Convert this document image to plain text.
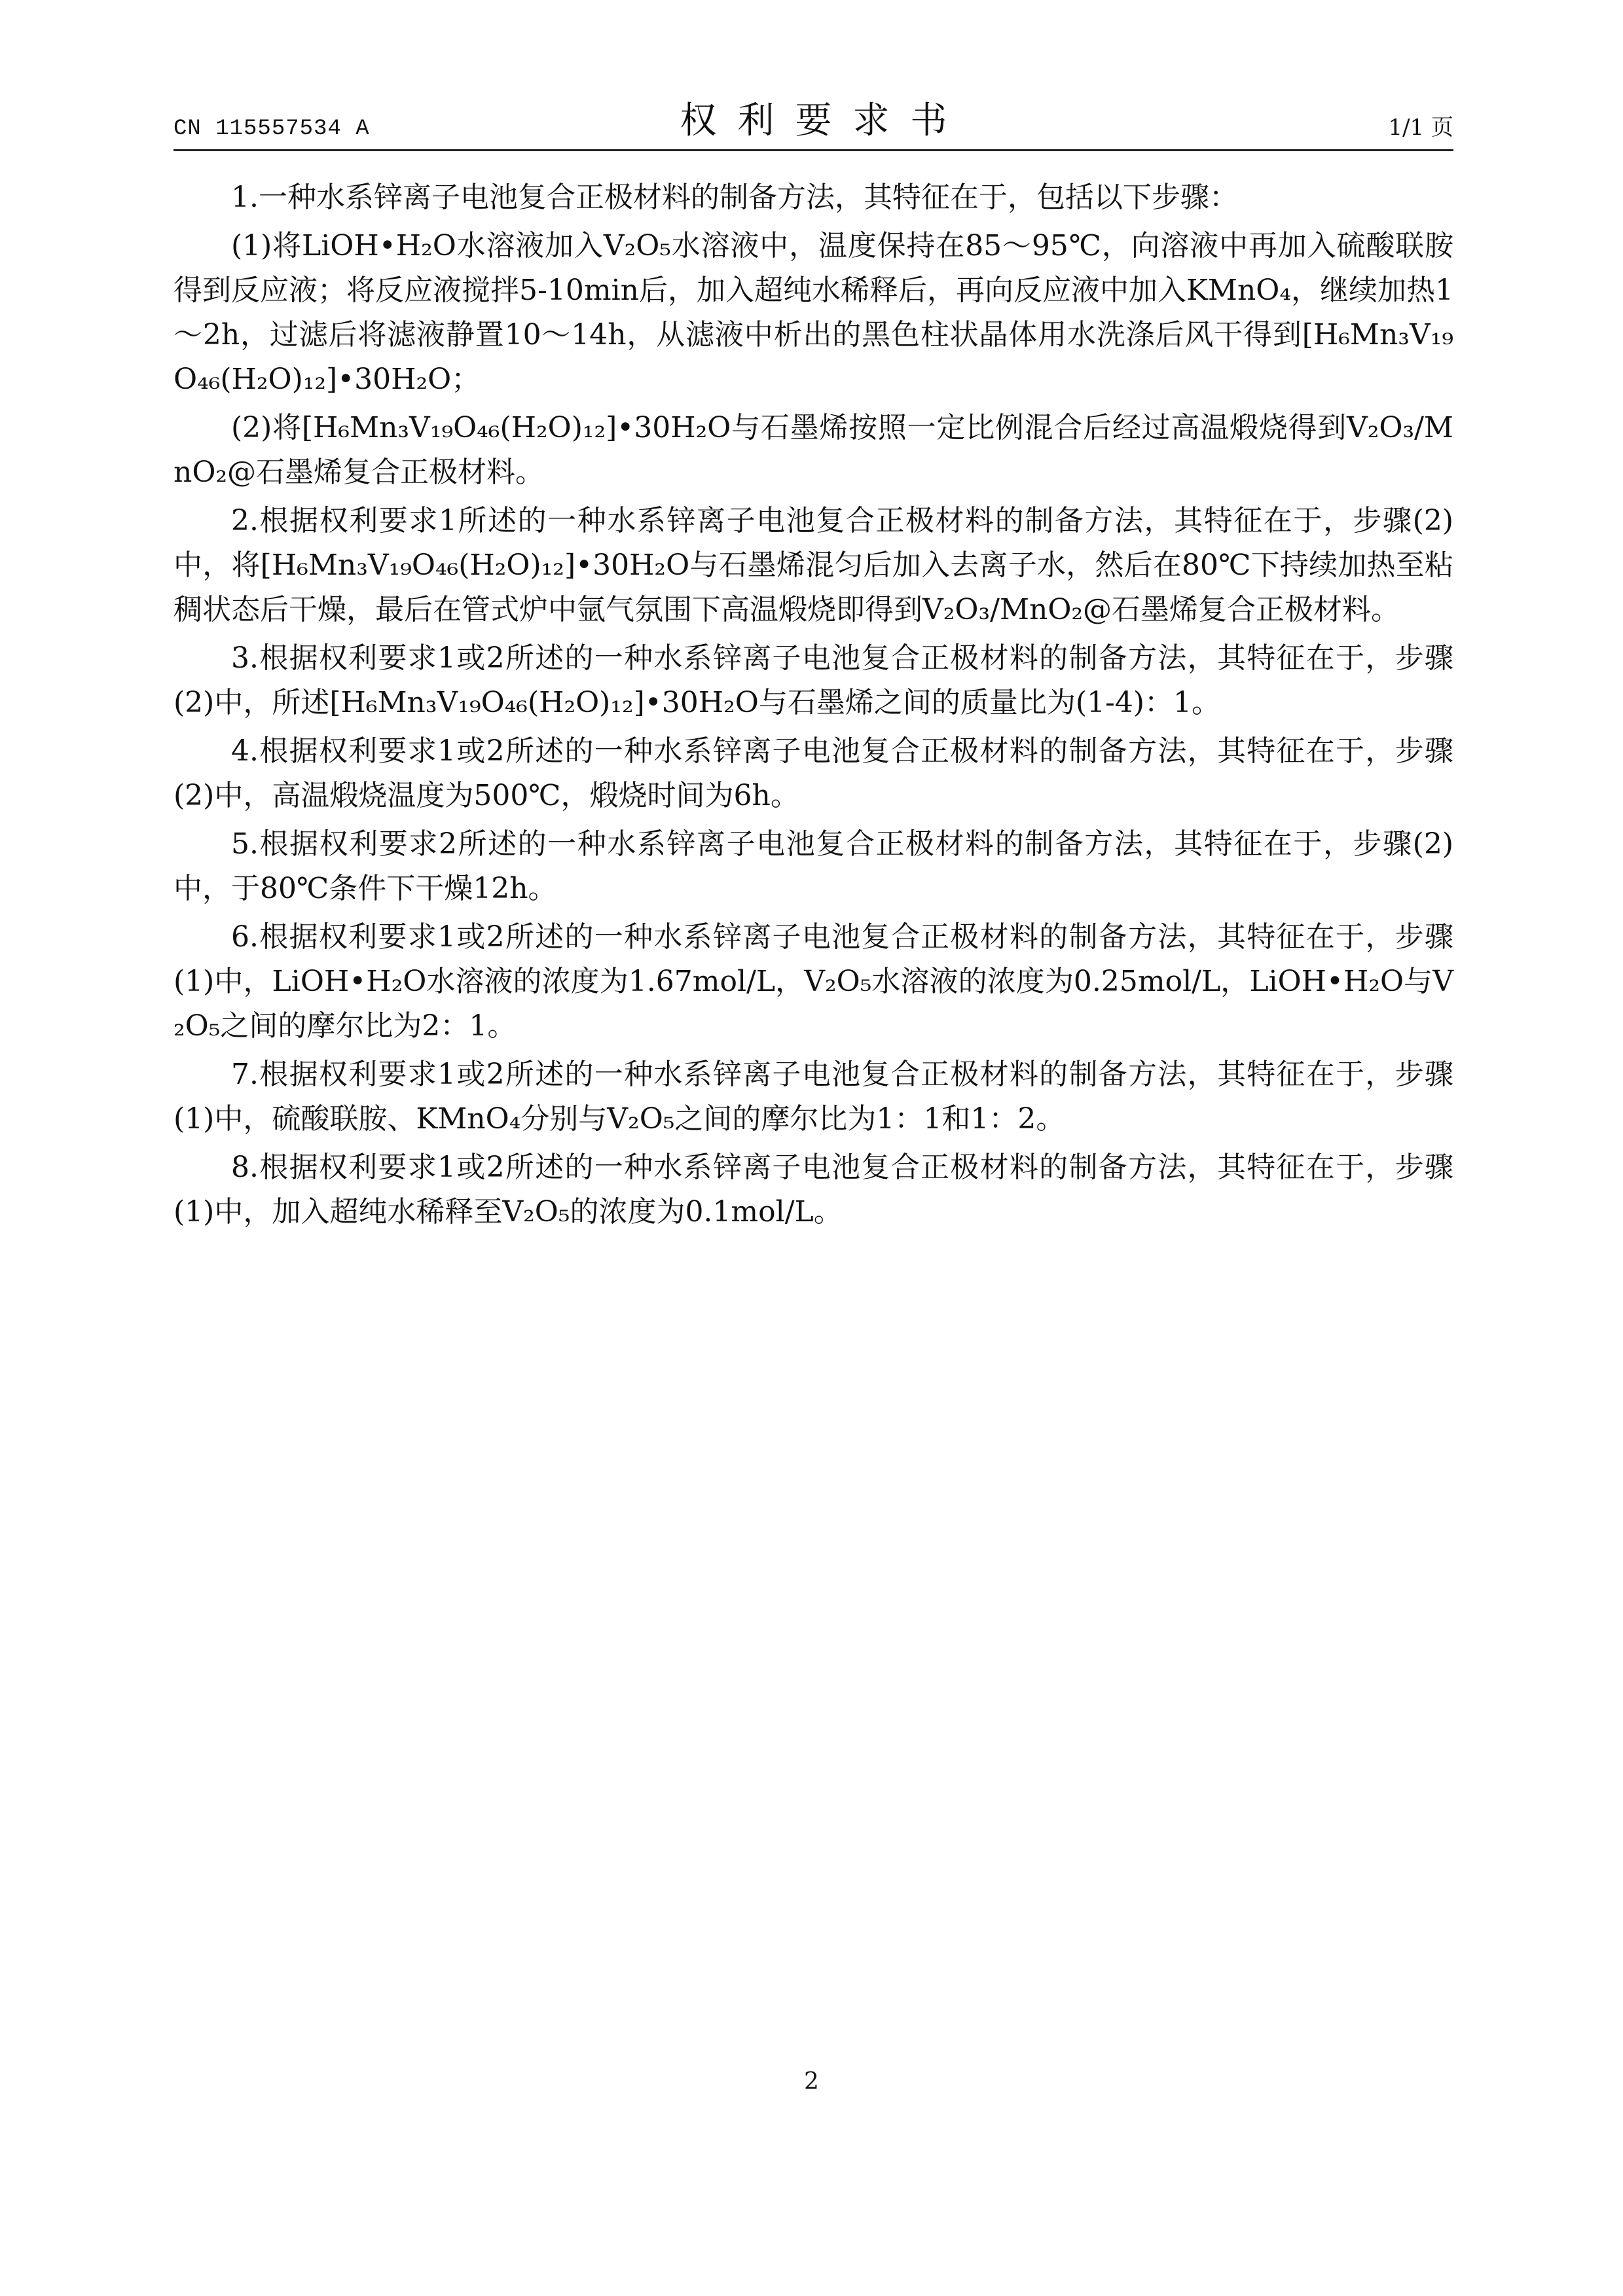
CN 115557534 A	权利要求书	1/1 页

1.一种水系锌离子电池复合正极材料的制备方法，其特征在于，包括以下步骤：

(1)将LiOH•H₂O水溶液加入V₂O₅水溶液中，温度保持在85～95℃，向溶液中再加入硫酸联胺得到反应液；将反应液搅拌5-10min后，加入超纯水稀释后，再向反应液中加入KMnO₄，继续加热1～2h，过滤后将滤液静置10～14h，从滤液中析出的黑色柱状晶体用水洗涤后风干得到[H₆Mn₃V₁₉O₄₆(H₂O)₁₂]•30H₂O；

(2)将[H₆Mn₃V₁₉O₄₆(H₂O)₁₂]•30H₂O与石墨烯按照一定比例混合后经过高温煅烧得到V₂O₃/MnO₂@石墨烯复合正极材料。

2.根据权利要求1所述的一种水系锌离子电池复合正极材料的制备方法，其特征在于，步骤(2)中，将[H₆Mn₃V₁₉O₄₆(H₂O)₁₂]•30H₂O与石墨烯混匀后加入去离子水，然后在80℃下持续加热至粘稠状态后干燥，最后在管式炉中氩气氛围下高温煅烧即得到V₂O₃/MnO₂@石墨烯复合正极材料。

3.根据权利要求1或2所述的一种水系锌离子电池复合正极材料的制备方法，其特征在于，步骤(2)中，所述[H₆Mn₃V₁₉O₄₆(H₂O)₁₂]•30H₂O与石墨烯之间的质量比为(1-4)：1。

4.根据权利要求1或2所述的一种水系锌离子电池复合正极材料的制备方法，其特征在于，步骤(2)中，高温煅烧温度为500℃，煅烧时间为6h。

5.根据权利要求2所述的一种水系锌离子电池复合正极材料的制备方法，其特征在于，步骤(2)中，于80℃条件下干燥12h。

6.根据权利要求1或2所述的一种水系锌离子电池复合正极材料的制备方法，其特征在于，步骤(1)中，LiOH•H₂O水溶液的浓度为1.67mol/L，V₂O₅水溶液的浓度为0.25mol/L，LiOH•H₂O与V₂O₅之间的摩尔比为2：1。

7.根据权利要求1或2所述的一种水系锌离子电池复合正极材料的制备方法，其特征在于，步骤(1)中，硫酸联胺、KMnO₄分别与V₂O₅之间的摩尔比为1：1和1：2。

8.根据权利要求1或2所述的一种水系锌离子电池复合正极材料的制备方法，其特征在于，步骤(1)中，加入超纯水稀释至V₂O₅的浓度为0.1mol/L。

2
